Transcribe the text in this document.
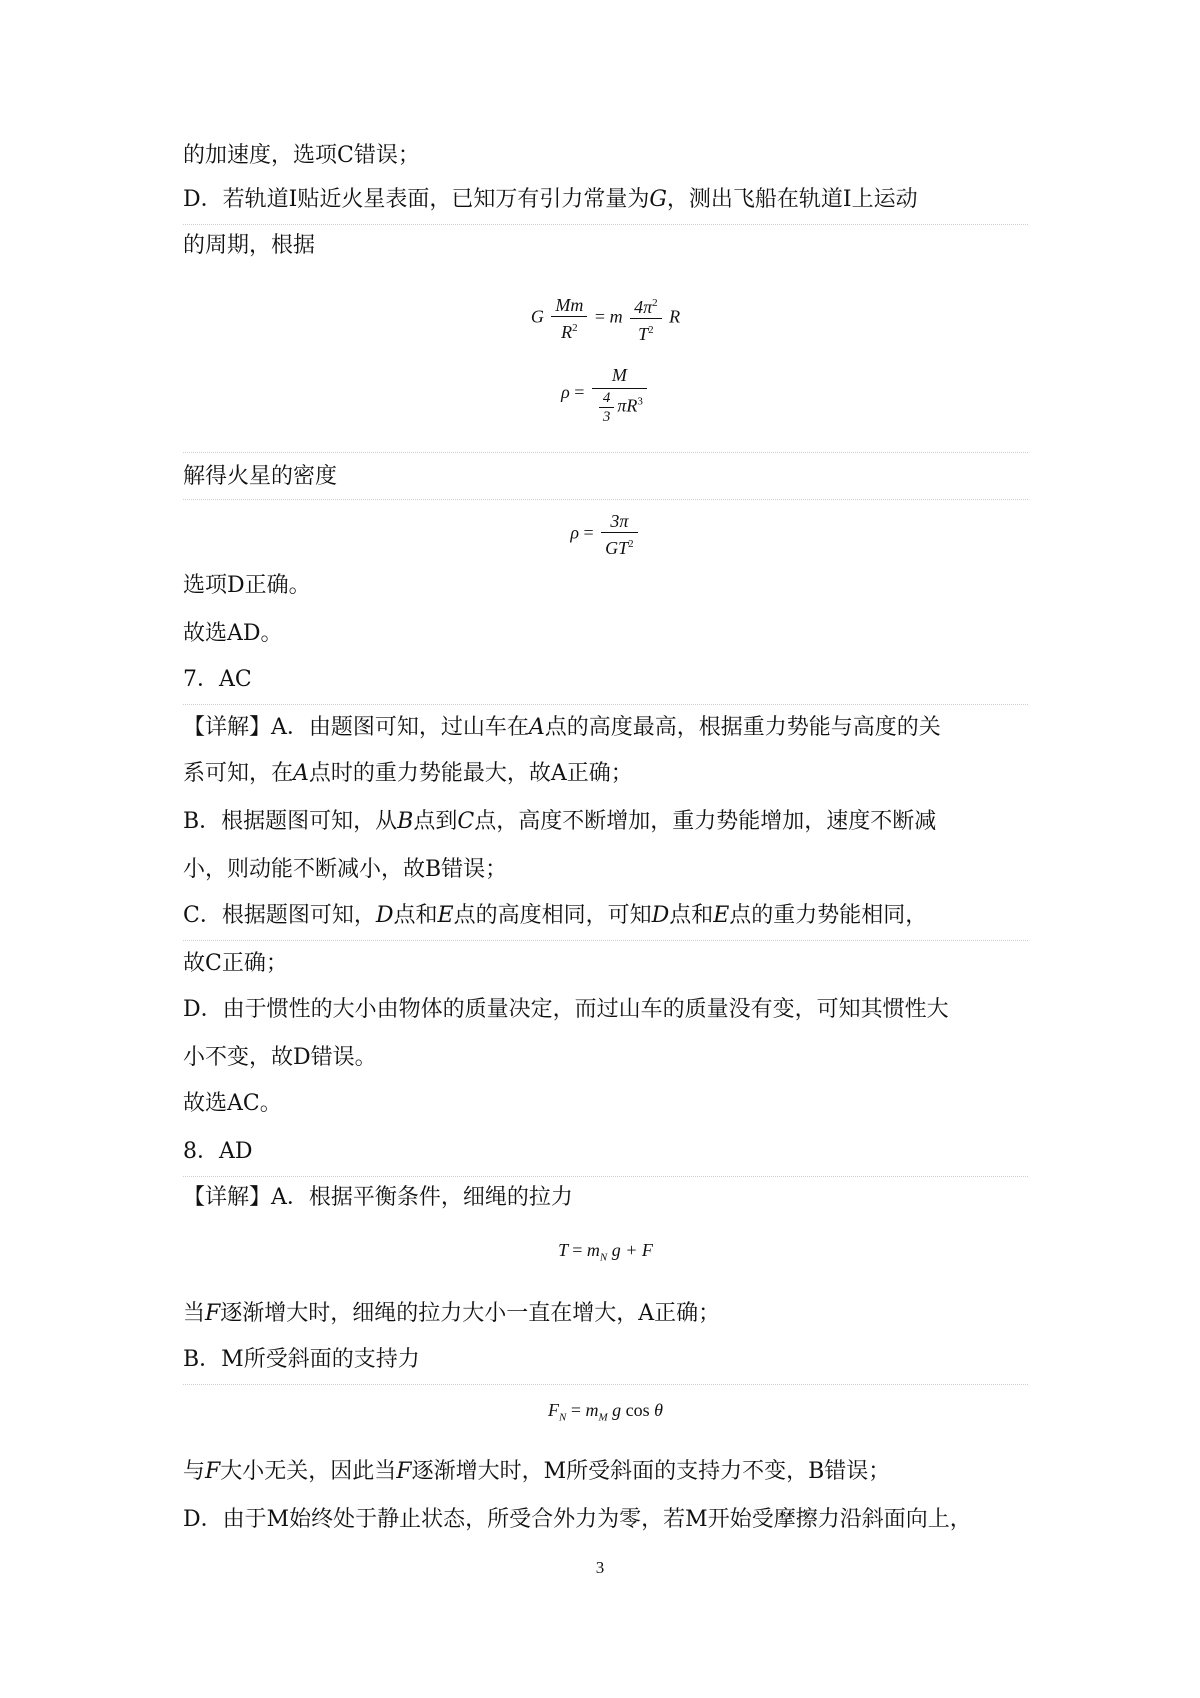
的加速度，选项C错误；
D．若轨道Ⅰ贴近火星表面，已知万有引力常量为G，测出飞船在轨道Ⅰ上运动
的周期，根据
G $\frac{Mm}{R^2} = m \frac{4\pi^2}{T^2}$ R
$\rho = \frac{M}{\frac{4}{3} \pi R^3}$
解得火星的密度
$\rho = \frac{3\pi}{GT^2}$
选项D正确。
故选AD。
7．AC
【详解】A．由题图可知，过山车在A点的高度最高，根据重力势能与高度的关
系可知，在A点时的重力势能最大，故A正确；
B．根据题图可知，从B点到C点，高度不断增加，重力势能增加，速度不断减
小，则动能不断减小，故B错误；
C．根据题图可知，D点和E点的高度相同，可知D点和E点的重力势能相同，
故C正确；
D．由于惯性的大小由物体的质量决定，而过山车的质量没有变，可知其惯性大
小不变，故D错误。
故选AC。
8．AD
【详解】A．根据平衡条件，细绳的拉力
$T = m_N$ g + F
当F逐渐增大时，细绳的拉力大小一直在增大，A正确；
B．M所受斜面的支持力
$F_N = m_M$ g cos θ
与F大小无关，因此当F逐渐增大时，M所受斜面的支持力不变，B错误；
D．由于M始终处于静止状态，所受合外力为零，若M开始受摩擦力沿斜面向上，
3
